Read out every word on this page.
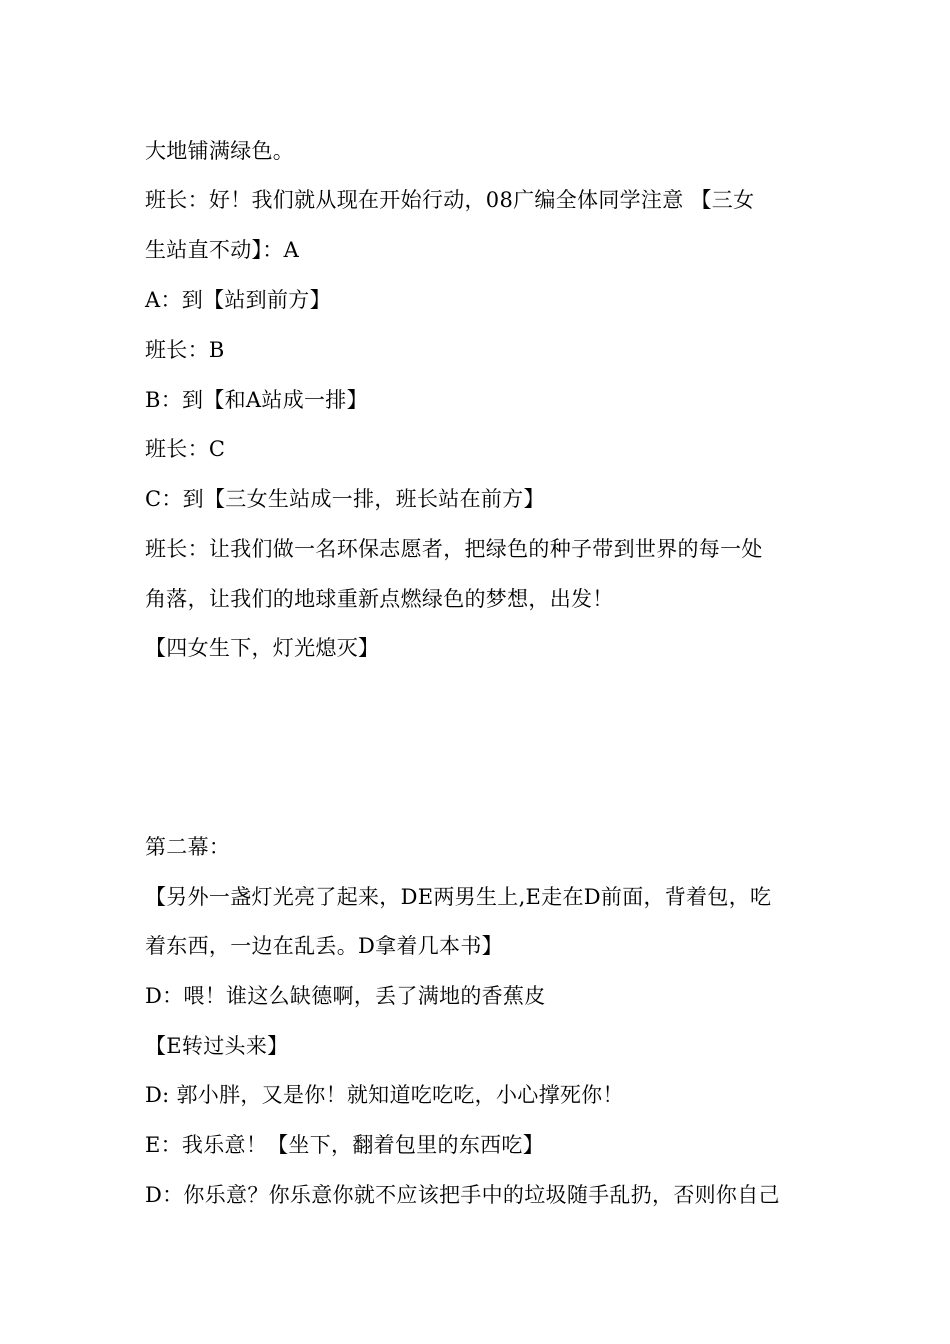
大地铺满绿色。
班长：好！我们就从现在开始行动，08广编全体同学注意 【三女
生站直不动】：A
A：到【站到前方】
班长：B
B：到【和A站成一排】
班长：C
C：到【三女生站成一排，班长站在前方】
班长：让我们做一名环保志愿者，把绿色的种子带到世界的每一处
角落，让我们的地球重新点燃绿色的梦想，出发！
【四女生下，灯光熄灭】
第二幕：
【另外一盏灯光亮了起来，DE两男生上,E走在D前面，背着包，吃
着东西，一边在乱丢。D拿着几本书】
D：喂！谁这么缺德啊，丢了满地的香蕉皮
【E转过头来】
D: 郭小胖，又是你！就知道吃吃吃，小心撑死你！
E：我乐意！【坐下，翻着包里的东西吃】
D：你乐意？你乐意你就不应该把手中的垃圾随手乱扔，否则你自己
